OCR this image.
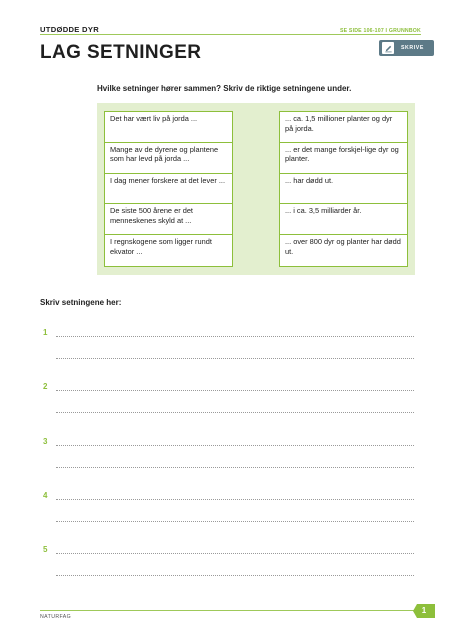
UTDØDDE DYR	SE SIDE 106-107 I GRUNNBOK
LAG SETNINGER	SKRIVE

Hvilke setninger hører sammen? Skriv de riktige setningene under.

Det har vært liv på jorda ...
Mange av de dyrene og plantene som har levd på jorda ...
I dag mener forskere at det lever ...
De siste 500 årene er det menneskenes skyld at ...
I regnskogene som ligger rundt ekvator ...
... ca. 1,5 millioner planter og dyr på jorda.
... er det mange forskjel-lige dyr og planter.
... har dødd ut.
... i ca. 3,5 milliarder år.
... over 800 dyr og planter har dødd ut.

Skriv setningene her:

1
2
3
4
5
NATURFAG
1
